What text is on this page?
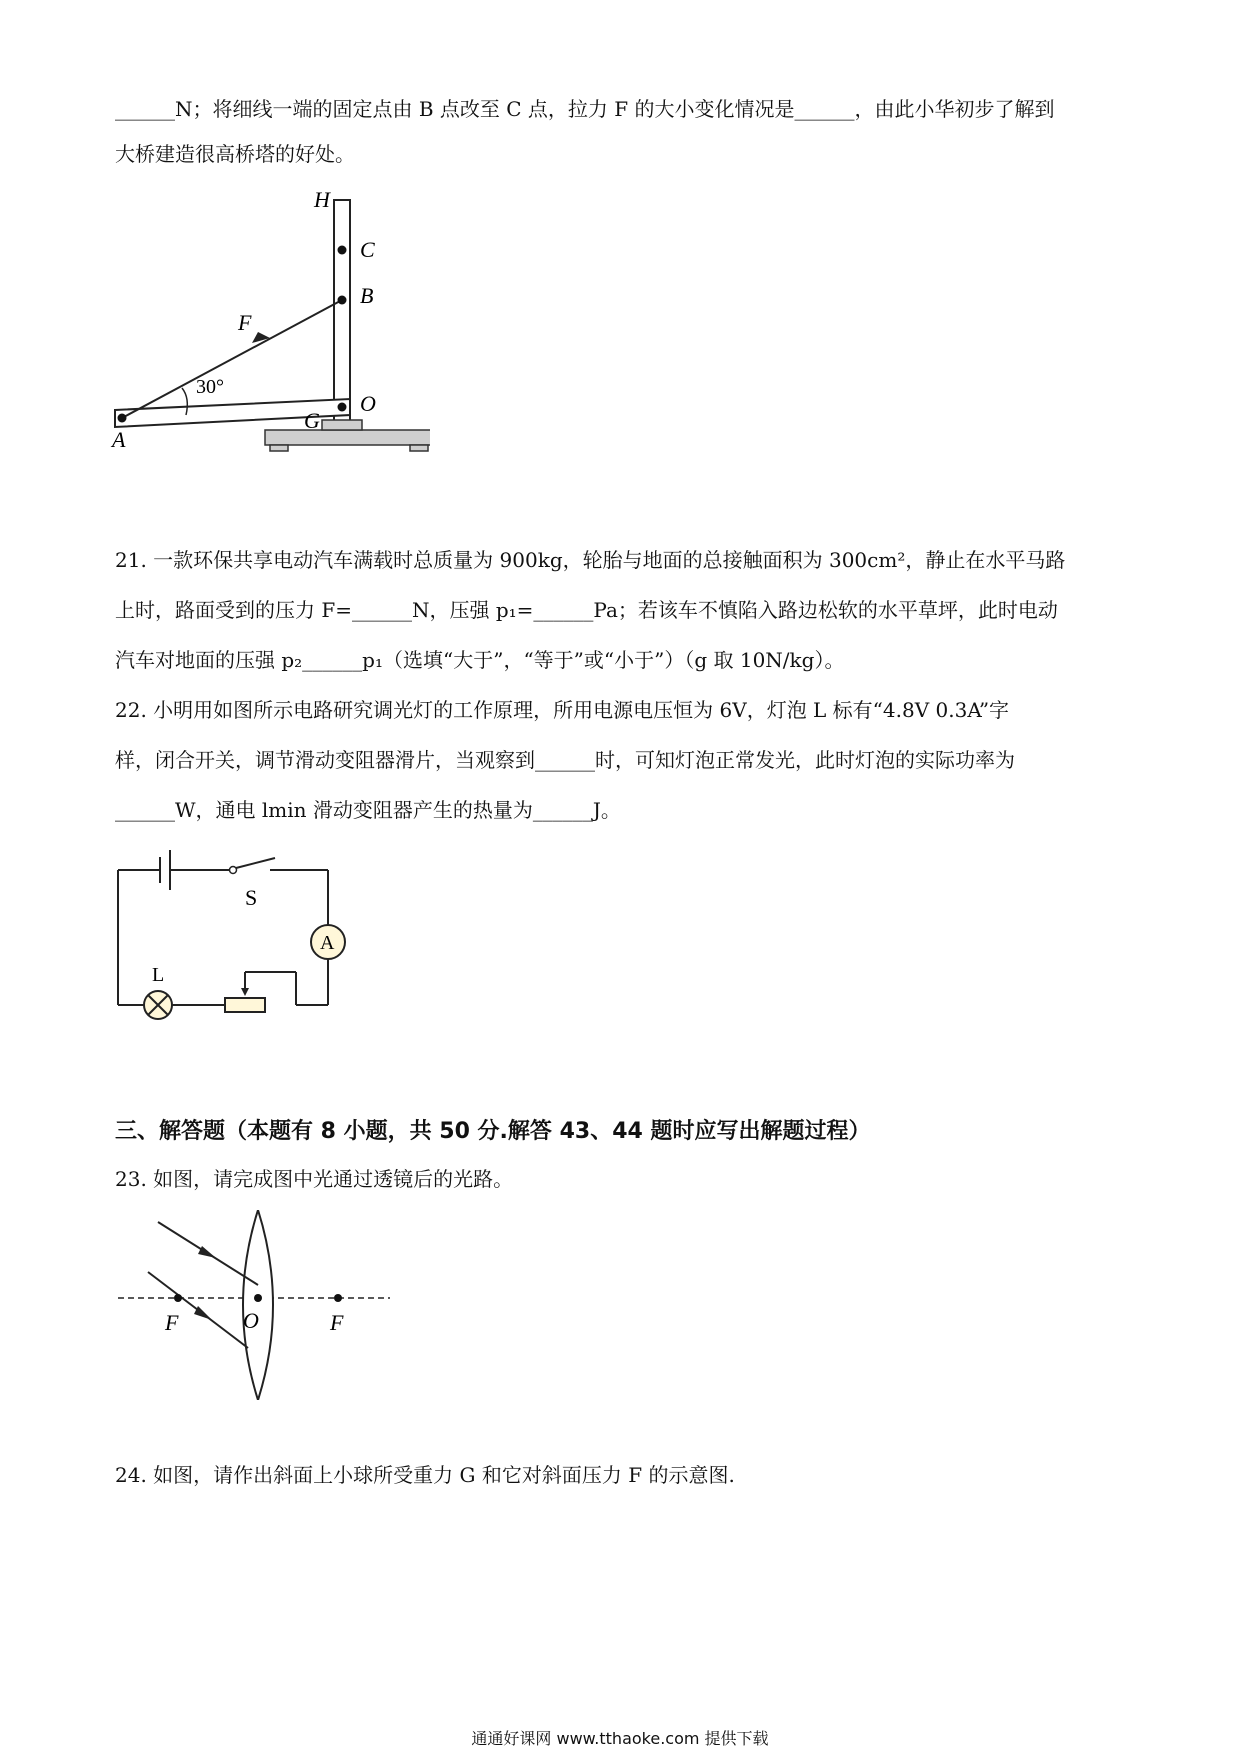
______N；将细线一端的固定点由 B 点改至 C 点，拉力 F 的大小变化情况是______，由此小华初步了解到
大桥建造很高桥塔的好处。
H
C
B
F
30°
O
A
G
21. 一款环保共享电动汽车满载时总质量为 900kg，轮胎与地面的总接触面积为 300cm²，静止在水平马路
上时，路面受到的压力 F=______N，压强 p₁=______Pa；若该车不慎陷入路边松软的水平草坪，此时电动
汽车对地面的压强 p₂______p₁（选填“大于”，“等于”或“小于”）（g 取 10N/kg）。
22. 小明用如图所示电路研究调光灯的工作原理，所用电源电压恒为 6V，灯泡 L 标有“4.8V 0.3A”字
样，闭合开关，调节滑动变阻器滑片，当观察到______时，可知灯泡正常发光，此时灯泡的实际功率为
______W，通电 lmin 滑动变阻器产生的热量为______J。
S
A
L
三、解答题（本题有 8 小题，共 50 分.解答 43、44 题时应写出解题过程）
23. 如图，请完成图中光通过透镜后的光路。
F	O	F
24. 如图，请作出斜面上小球所受重力 G 和它对斜面压力 F 的示意图.
通通好课网 www.tthaoke.com 提供下载
